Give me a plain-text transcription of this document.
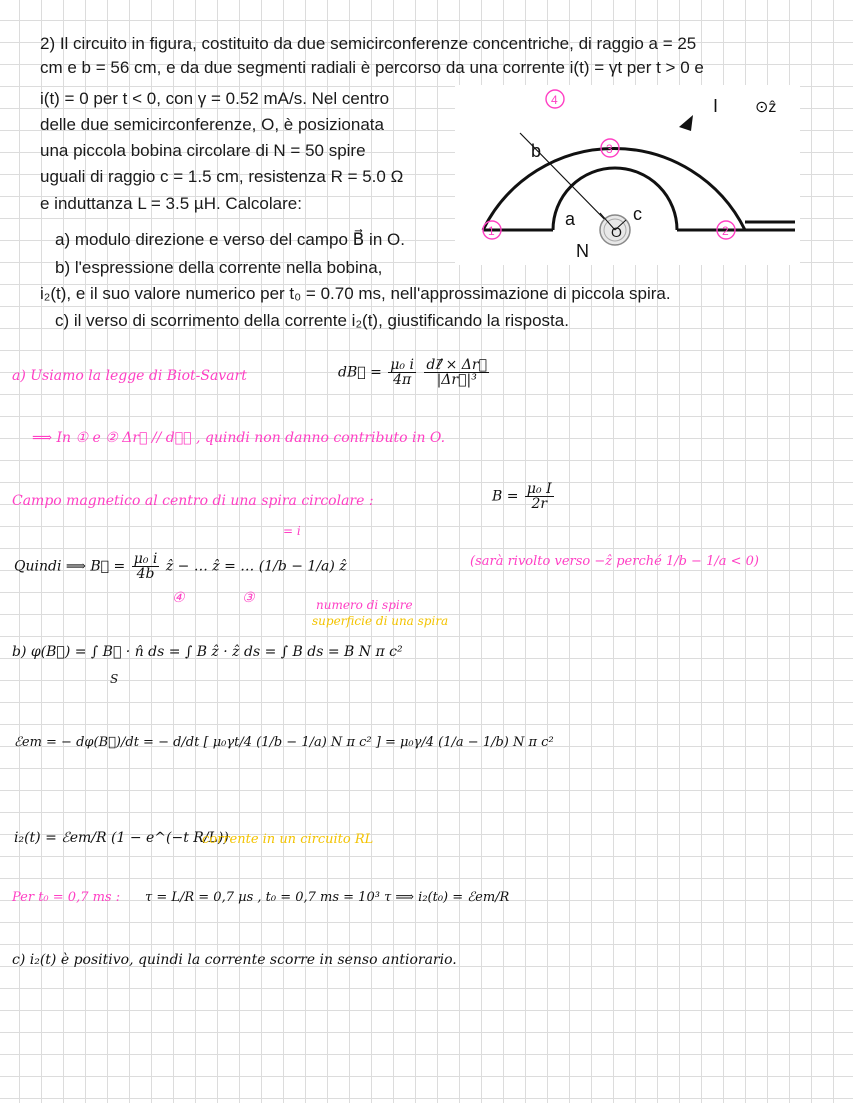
2) Il circuito in figura, costituito da due semicirconferenze concentriche, di raggio a = 25
cm e b = 56 cm, e da due segmenti radiali è percorso da una corrente i(t) = γt per t > 0 e
i(t) = 0 per t < 0, con γ = 0.52 mA/s. Nel centro
delle due semicirconferenze, O, è posizionata
una piccola bobina circolare di N = 50 spire
uguali di raggio c = 1.5 cm, resistenza R = 5.0 Ω
e induttanza L = 3.5 µH. Calcolare:
a) modulo direzione e verso del campo B⃗ in O.
b) l'espressione della corrente nella bobina,
i₂(t), e il suo valore numerico per t₀ = 0.70 ms, nell'approssimazione di piccola spira.
c) il verso di scorrimento della corrente i₂(t), giustificando la risposta.
I ⊙ẑ
b
a	c
N
O
4
3
1	2
a) Usiamo la legge di Biot-Savart	dB⃗ = $\frac{\text{μ₀ i}}{4\pi}$
$\frac{\text{dℓ⃗ × Δr⃗}}{\text{|Δr⃗|³}}$
⟹ In ① e ② Δr⃗ // dℓ⃗ , quindi non danno contributo in O.
Campo magnetico al centro di una spira circolare :	$B = \frac{\text{μ₀ I}}{2r}$
= i
Quindi ⟹ B⃗ = $\frac{\text{μ₀ i}}{4b}$ ẑ − … ẑ = … (1/b − 1/a) ẑ	(sarà rivolto verso −ẑ perché 1/b − 1/a < 0)
④	③	numero di spire
superficie di una spira
b) φ(B⃗) = ∫ B⃗ · n̂ ds = ∫ B ẑ · ẑ ds = ∫ B ds = B N π c²
S
ℰem = − dφ(B⃗)/dt = − d/dt [ μ₀γt/4 (1/b − 1/a) N π c² ] = μ₀γ/4 (1/a − 1/b) N π c²
i₂(t) = ℰem/R (1 − e^(−t R/L))
corrente in un circuito RL
Per t₀ = 0,7 ms : τ = L/R = 0,7 µs , t₀ = 0,7 ms = 10³ τ ⟹ i₂(t₀) = ℰem/R
c) i₂(t) è positivo, quindi la corrente scorre in senso antiorario.
